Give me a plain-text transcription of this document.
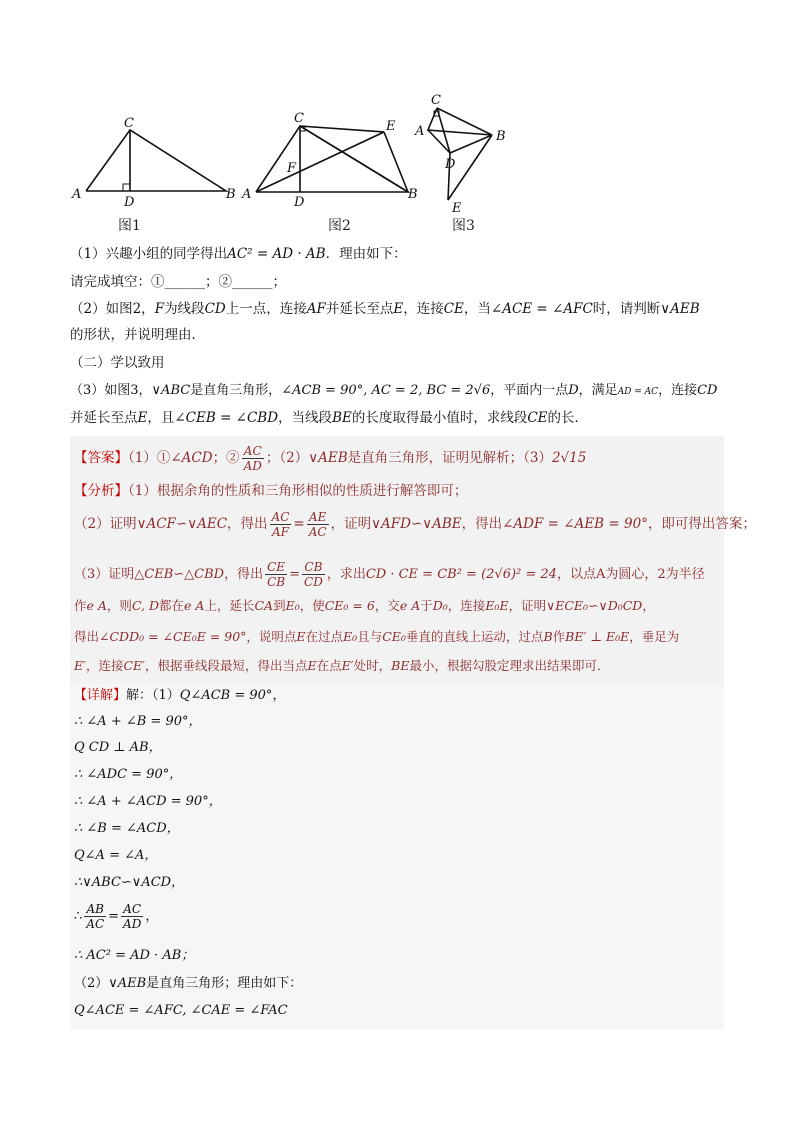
A
C
D
B A
C
E
F
D
B
C
A	B
D
E
图1	图2	图3
（1）兴趣小组的同学得出AC² = AD · AB．理由如下：
请完成填空：①______；②______；
（2）如图2，F为线段CD上一点，连接AF并延长至点E，连接CE，当∠ACE = ∠AFC时，请判断∨AEB
的形状，并说明理由．
（二）学以致用
（3）如图3，∨ABC是直角三角形，∠ACB = 90°, AC = 2, BC = 2√6，平面内一点D，满足AD = AC，连接CD
并延长至点E，且∠CEB = ∠CBD，当线段BE的长度取得最小值时，求线段CE的长．
【答案】（1）①∠ACD；② $\frac{AC}{AD}$ ；（2）∨AEB是直角三角形，证明见解析；（3）2√15
【分析】（1）根据余角的性质和三角形相似的性质进行解答即可；
（2）证明∨ACF∽∨AEC，得出 $\frac{AC}{AF} = \frac{AE}{AC}$ ，证明∨AFD∽∨ABE，得出∠ADF = ∠AEB = 90°，即可得出答案；
（3）证明△CEB∽△CBD，得出 $\frac{CE}{CB} = \frac{CB}{CD}$ ，求出CD · CE = CB² = (2√6)² = 24，以点A为圆心，2为半径
作e A，则C, D都在e A上，延长CA到E₀，使CE₀ = 6，交e A于D₀，连接E₀E，证明∨ECE₀∽∨D₀CD，
得出∠CDD₀ = ∠CE₀E = 90°，说明点E在过点E₀且与CE₀垂直的直线上运动，过点B作BE′ ⊥ E₀E，垂足为
E′，连接CE′，根据垂线段最短，得出当点E在点E′处时，BE最小，根据勾股定理求出结果即可．
【详解】解：（1）Q∠ACB = 90°，
∴ ∠A + ∠B = 90°，
Q CD ⊥ AB，
∴ ∠ADC = 90°，
∴ ∠A + ∠ACD = 90°，
∴ ∠B = ∠ACD，
Q∠A = ∠A，
∴∨ABC∽∨ACD，
∴ $\frac{AB}{AC} = \frac{AC}{AD}$ ，
∴ AC² = AD · AB；
（2）∨AEB是直角三角形；理由如下：
Q∠ACE = ∠AFC, ∠CAE = ∠FAC
